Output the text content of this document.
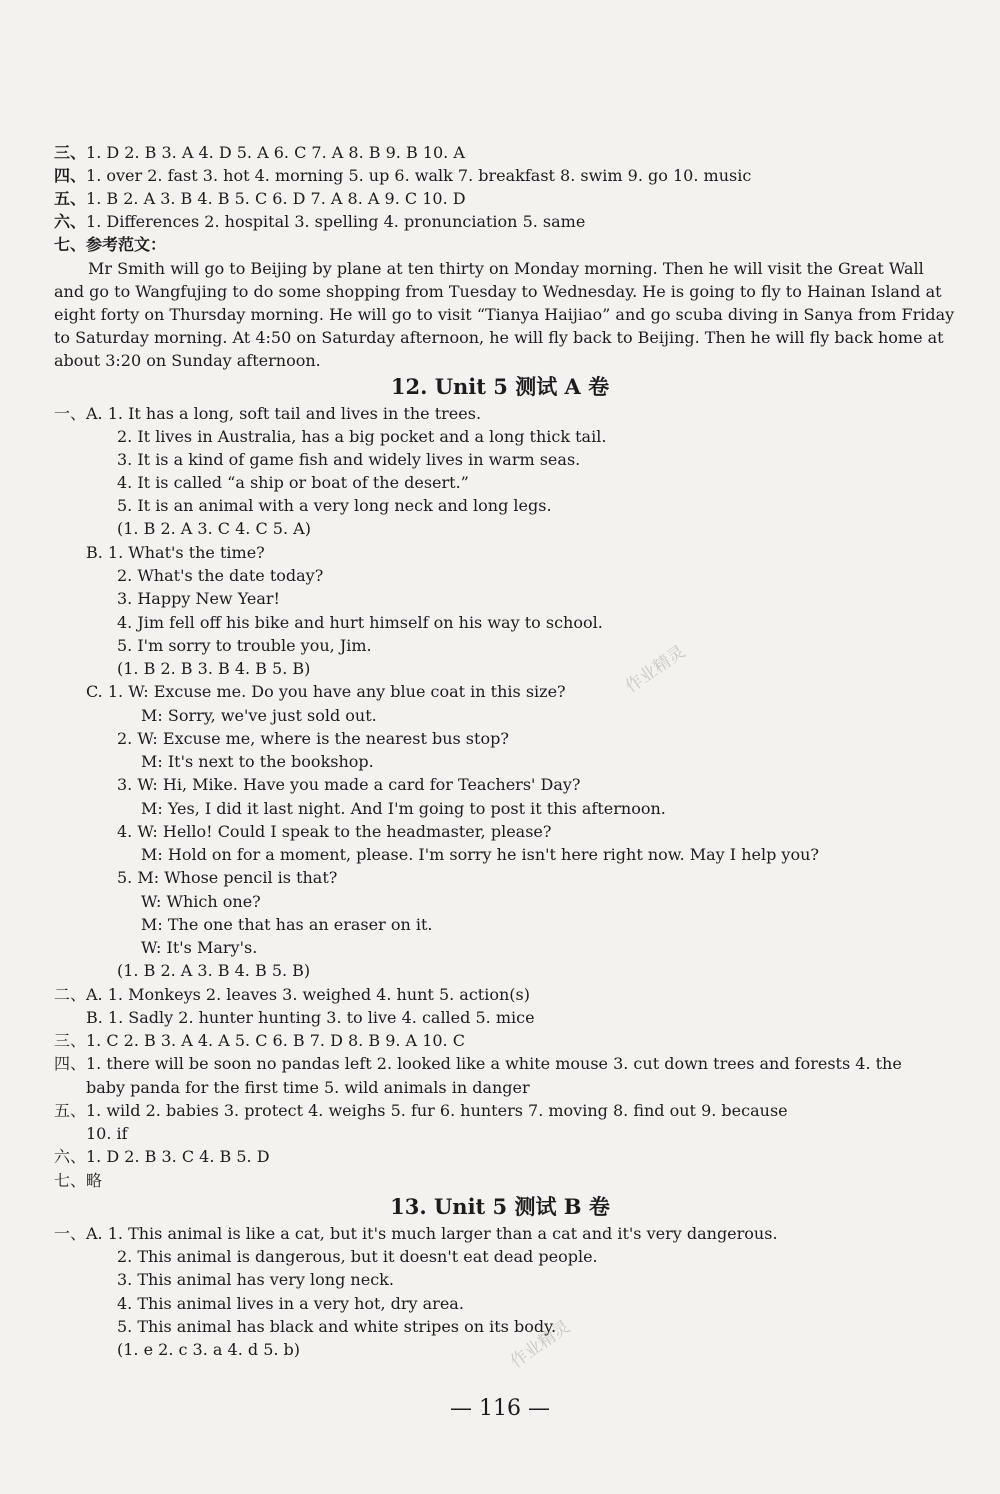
三、1. D 2. B 3. A 4. D 5. A 6. C 7. A 8. B 9. B 10. A
四、1. over 2. fast 3. hot 4. morning 5. up 6. walk 7. breakfast 8. swim 9. go 10. music
五、1. B 2. A 3. B 4. B 5. C 6. D 7. A 8. A 9. C 10. D
六、1. Differences 2. hospital 3. spelling 4. pronunciation 5. same
七、参考范文：
Mr Smith will go to Beijing by plane at ten thirty on Monday morning. Then he will visit the Great Wall
and go to Wangfujing to do some shopping from Tuesday to Wednesday. He is going to fly to Hainan Island at
eight forty on Thursday morning. He will go to visit “Tianya Haijiao” and go scuba diving in Sanya from Friday
to Saturday morning. At 4:50 on Saturday afternoon, he will fly back to Beijing. Then he will fly back home at
about 3:20 on Sunday afternoon.
12. Unit 5 测试 A 卷
一、A. 1. It has a long, soft tail and lives in the trees.
2. It lives in Australia, has a big pocket and a long thick tail.
3. It is a kind of game fish and widely lives in warm seas.
4. It is called “a ship or boat of the desert.”
5. It is an animal with a very long neck and long legs.
(1. B 2. A 3. C 4. C 5. A)
B. 1. What's the time?
2. What's the date today?
3. Happy New Year!
4. Jim fell off his bike and hurt himself on his way to school.
5. I'm sorry to trouble you, Jim.
(1. B 2. B 3. B 4. B 5. B)
C. 1. W: Excuse me. Do you have any blue coat in this size?
M: Sorry, we've just sold out.
2. W: Excuse me, where is the nearest bus stop?
M: It's next to the bookshop.
3. W: Hi, Mike. Have you made a card for Teachers' Day?
M: Yes, I did it last night. And I'm going to post it this afternoon.
4. W: Hello! Could I speak to the headmaster, please?
M: Hold on for a moment, please. I'm sorry he isn't here right now. May I help you?
5. M: Whose pencil is that?
W: Which one?
M: The one that has an eraser on it.
W: It's Mary's.
(1. B 2. A 3. B 4. B 5. B)
二、A. 1. Monkeys 2. leaves 3. weighed 4. hunt 5. action(s)
B. 1. Sadly 2. hunter hunting 3. to live 4. called 5. mice
三、1. C 2. B 3. A 4. A 5. C 6. B 7. D 8. B 9. A 10. C
四、1. there will be soon no pandas left 2. looked like a white mouse 3. cut down trees and forests 4. the
baby panda for the first time 5. wild animals in danger
五、1. wild 2. babies 3. protect 4. weighs 5. fur 6. hunters 7. moving 8. find out 9. because
10. if
六、1. D 2. B 3. C 4. B 5. D
七、略
13. Unit 5 测试 B 卷
一、A. 1. This animal is like a cat, but it's much larger than a cat and it's very dangerous.
2. This animal is dangerous, but it doesn't eat dead people.
3. This animal has very long neck.
4. This animal lives in a very hot, dry area.
5. This animal has black and white stripes on its body.
(1. e 2. c 3. a 4. d 5. b)
作业精灵
作业精灵
— 116 —
